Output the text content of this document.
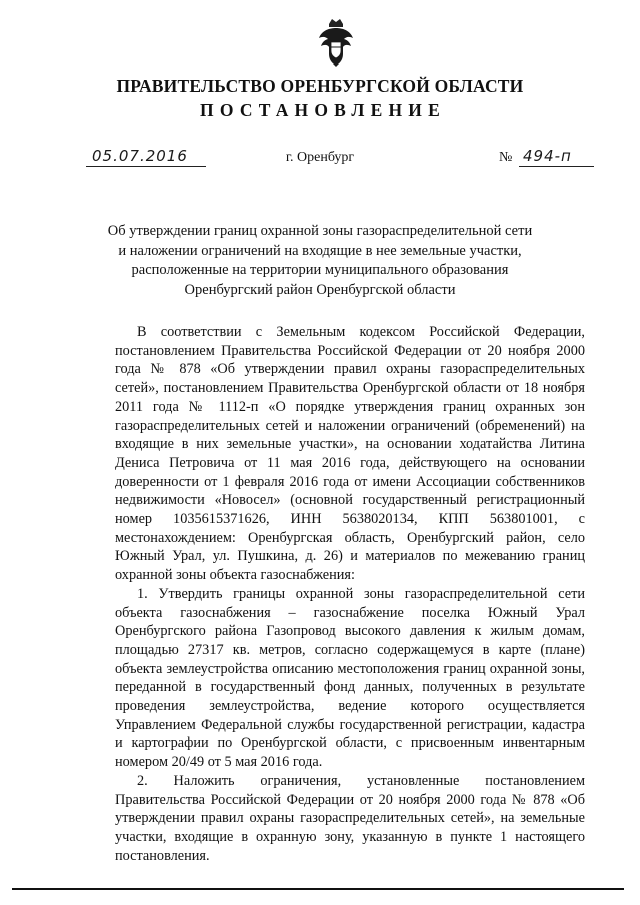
ПРАВИТЕЛЬСТВО ОРЕНБУРГСКОЙ ОБЛАСТИ
ПОСТАНОВЛЕНИЕ
05.07.2016	г. Оренбург	№ 494-п
Об утверждении границ охранной зоны газораспределительной сети
и наложении ограничений на входящие в нее земельные участки,
расположенные на территории муниципального образования
Оренбургский район Оренбургской области

В соответствии с Земельным кодексом Российской Федерации, постановлением Правительства Российской Федерации от 20 ноября 2000 года № 878 «Об утверждении правил охраны газораспределительных сетей», постановлением Правительства Оренбургской области от 18 ноября 2011 года № 1112-п «О порядке утверждения границ охранных зон газораспределительных сетей и наложении ограничений (обременений) на входящие в них земельные участки», на основании ходатайства Литина Дениса Петровича от 11 мая 2016 года, действующего на основании доверенности от 1 февраля 2016 года от имени Ассоциации собственников недвижимости «Новосел» (основной государственный регистрационный номер 1035615371626, ИНН 5638020134, КПП 563801001, с местонахождением: Оренбургская область, Оренбургский район, село Южный Урал, ул. Пушкина, д. 26) и материалов по межеванию границ охранной зоны объекта газоснабжения:

1. Утвердить границы охранной зоны газораспределительной сети объекта газоснабжения – газоснабжение поселка Южный Урал Оренбургского района Газопровод высокого давления к жилым домам, площадью 27317 кв. метров, согласно содержащемуся в карте (плане) объекта землеустройства описанию местоположения границ охранной зоны, переданной в государственный фонд данных, полученных в результате проведения землеустройства, ведение которого осуществляется Управлением Федеральной службы государственной регистрации, кадастра и картографии по Оренбургской области, с присвоенным инвентарным номером 20/49 от 5 мая 2016 года.

2. Наложить ограничения, установленные постановлением Правительства Российской Федерации от 20 ноября 2000 года № 878 «Об утверждении правил охраны газораспределительных сетей», на земельные участки, входящие в охранную зону, указанную в пункте 1 настоящего постановления.
